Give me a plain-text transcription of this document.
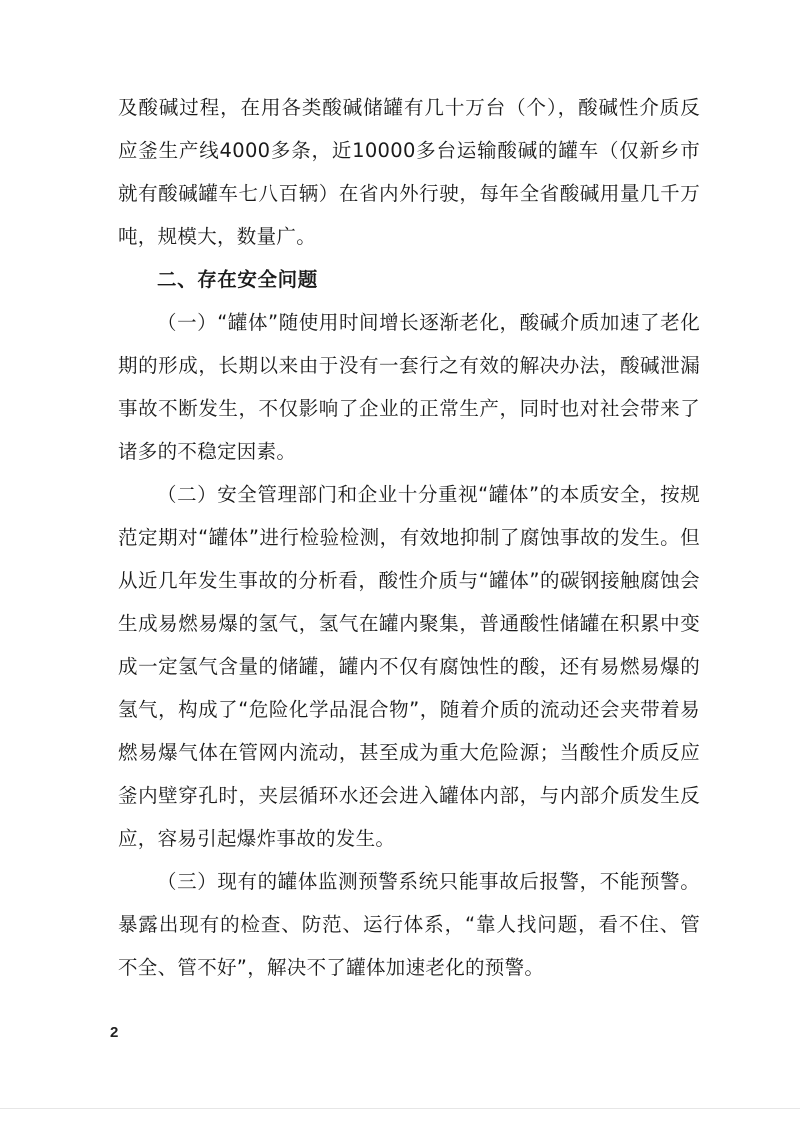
及酸碱过程，在用各类酸碱储罐有几十万台（个），酸碱性介质反应釜生产线4000多条，近10000多台运输酸碱的罐车（仅新乡市就有酸碱罐车七八百辆）在省内外行驶，每年全省酸碱用量几千万吨，规模大，数量广。

二、存在安全问题

（一）“罐体”随使用时间增长逐渐老化，酸碱介质加速了老化期的形成，长期以来由于没有一套行之有效的解决办法，酸碱泄漏事故不断发生，不仅影响了企业的正常生产，同时也对社会带来了诸多的不稳定因素。

（二）安全管理部门和企业十分重视“罐体”的本质安全，按规范定期对“罐体”进行检验检测，有效地抑制了腐蚀事故的发生。但从近几年发生事故的分析看，酸性介质与“罐体”的碳钢接触腐蚀会生成易燃易爆的氢气，氢气在罐内聚集，普通酸性储罐在积累中变成一定氢气含量的储罐，罐内不仅有腐蚀性的酸，还有易燃易爆的氢气，构成了“危险化学品混合物”，随着介质的流动还会夹带着易燃易爆气体在管网内流动，甚至成为重大危险源；当酸性介质反应釜内壁穿孔时，夹层循环水还会进入罐体内部，与内部介质发生反应，容易引起爆炸事故的发生。

（三）现有的罐体监测预警系统只能事故后报警，不能预警。暴露出现有的检查、防范、运行体系，“靠人找问题，看不住、管不全、管不好”，解决不了罐体加速老化的预警。

2
